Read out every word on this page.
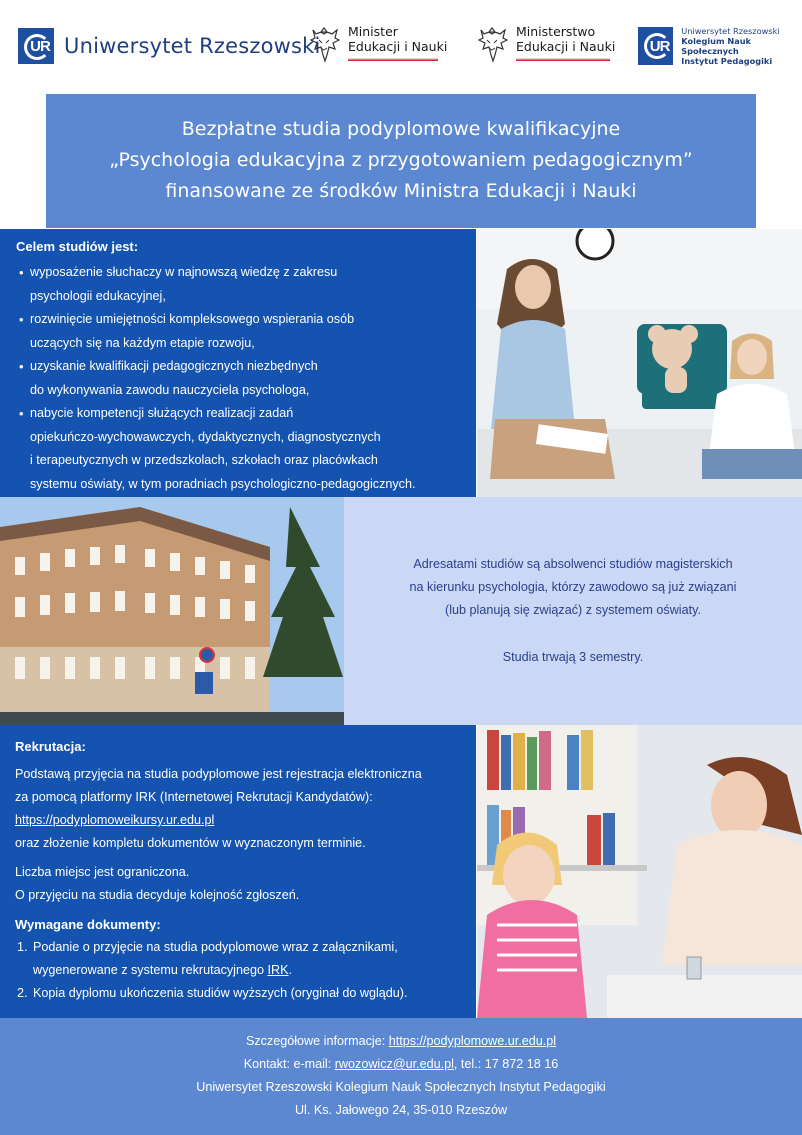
UR Uniwersytet Rzeszowski
Minister
Edukacji i Nauki
Ministerstwo
Edukacji i Nauki UR
Uniwersytet Rzeszowski
Kolegium Nauk Społecznych
Instytut Pedagogiki
Bezpłatne studia podyplomowe kwalifikacyjne
„Psychologia edukacyjna z przygotowaniem pedagogicznym”
finansowane ze środków Ministra Edukacji i Nauki
Celem studiów jest:
• wyposażenie słuchaczy w najnowszą wiedzę z zakresu
psychologii edukacyjnej,
• rozwinięcie umiejętności kompleksowego wspierania osób
uczących się na każdym etapie rozwoju,
• uzyskanie kwalifikacji pedagogicznych niezbędnych
do wykonywania zawodu nauczyciela psychologa,
• nabycie kompetencji służących realizacji zadań
opiekuńczo-wychowawczych, dydaktycznych, diagnostycznych
i terapeutycznych w przedszkolach, szkołach oraz placówkach
systemu oświaty, w tym poradniach psychologiczno-pedagogicznych.
Adresatami studiów są absolwenci studiów magisterskich
na kierunku psychologia, którzy zawodowo są już związani
(lub planują się związać) z systemem oświaty.
Studia trwają 3 semestry.

Rekrutacja:

Podstawą przyjęcia na studia podyplomowe jest rejestracja elektroniczna

za pomocą platformy IRK (Internetowej Rekrutacji Kandydatów):

https://podyplomoweikursy.ur.edu.pl

oraz złożenie kompletu dokumentów w wyznaczonym terminie.

Liczba miejsc jest ograniczona.

O przyjęciu na studia decyduje kolejność zgłoszeń.

Wymagane dokumenty:

1. Podanie o przyjęcie na studia podyplomowe wraz z załącznikami,
wygenerowane z systemu rekrutacyjnego IRK.
2. Kopia dyplomu ukończenia studiów wyższych (oryginał do wglądu).
Szczegółowe informacje: https://podyplomowe.ur.edu.pl
Kontakt: e-mail: rwozowicz@ur.edu.pl, tel.: 17 872 18 16
Uniwersytet Rzeszowski Kolegium Nauk Społecznych Instytut Pedagogiki
Ul. Ks. Jałowego 24, 35-010 Rzeszów
